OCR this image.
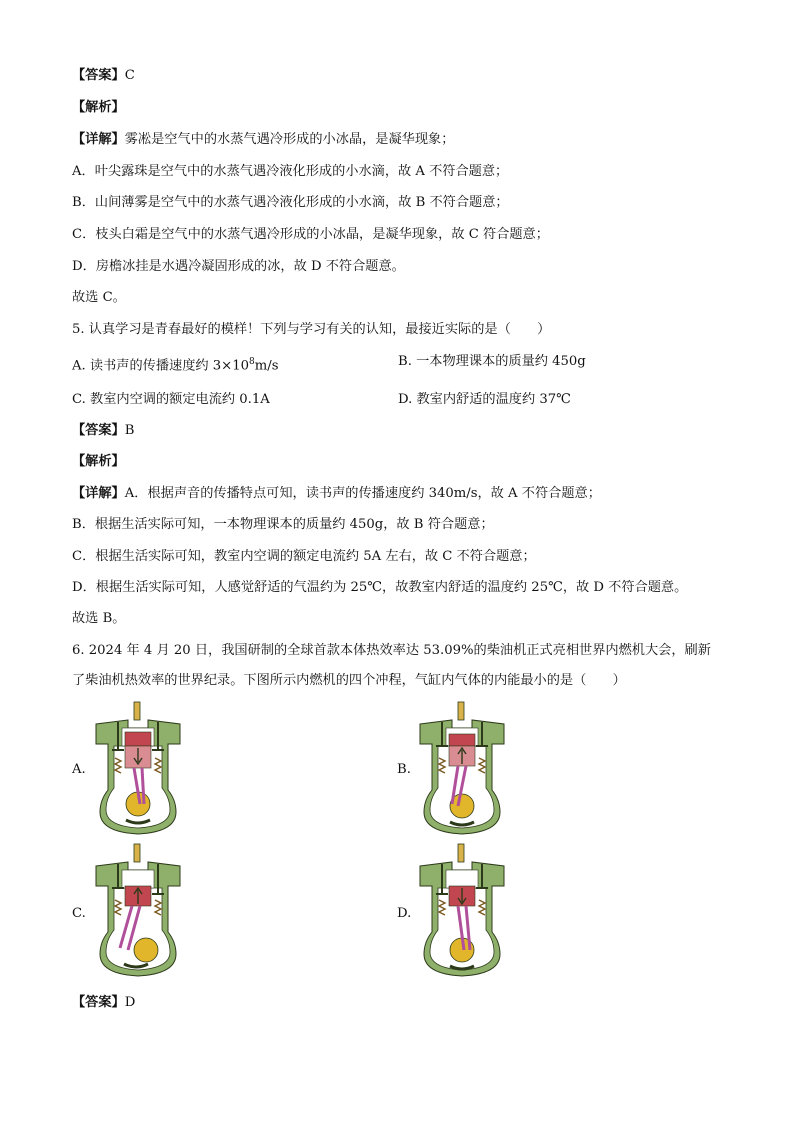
【答案】C
【解析】
【详解】雾凇是空气中的水蒸气遇冷形成的小冰晶，是凝华现象；
A．叶尖露珠是空气中的水蒸气遇冷液化形成的小水滴，故 A 不符合题意；
B．山间薄雾是空气中的水蒸气遇冷液化形成的小水滴，故 B 不符合题意；
C．枝头白霜是空气中的水蒸气遇冷形成的小冰晶，是凝华现象，故 C 符合题意；
D．房檐冰挂是水遇冷凝固形成的冰，故 D 不符合题意。
故选 C。
5. 认真学习是青春最好的模样！下列与学习有关的认知，最接近实际的是（　　）
A. 读书声的传播速度约 $3\times 10^8m/s$	B. 一本物理课本的质量约 450g
C. 教室内空调的额定电流约 0.1A	D. 教室内舒适的温度约 37℃
【答案】B
【解析】
【详解】A．根据声音的传播特点可知，读书声的传播速度约 340m/s，故 A 不符合题意；
B．根据生活实际可知，一本物理课本的质量约 450g，故 B 符合题意；
C．根据生活实际可知，教室内空调的额定电流约 5A 左右，故 C 不符合题意；
D．根据生活实际可知，人感觉舒适的气温约为 25℃，故教室内舒适的温度约 25℃，故 D 不符合题意。
故选 B。
6. 2024 年 4 月 20 日，我国研制的全球首款本体热效率达 53.09%的柴油机正式亮相世界内燃机大会，刷新
了柴油机热效率的世界纪录。下图所示内燃机的四个冲程，气缸内气体的内能最小的是（　　）
A.	B.
C.	D.
【答案】D
